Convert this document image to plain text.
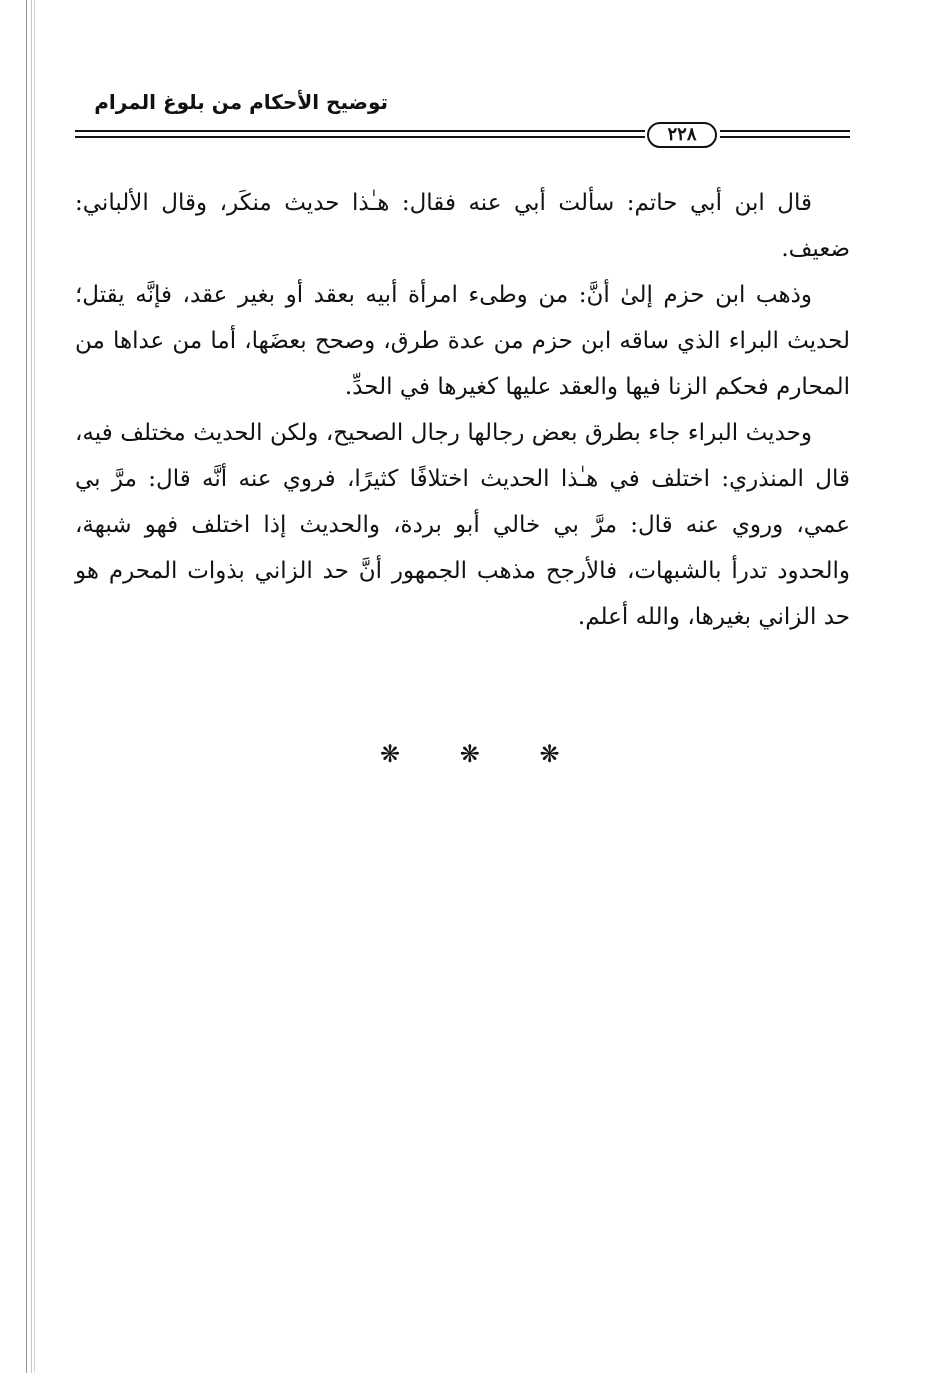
توضيح الأحكام من بلوغ المرام
٢٢٨

قال ابن أبي حاتم: سألت أبي عنه فقال: هـٰذا حديث منكَر، وقال الألباني: ضعيف.

وذهب ابن حزم إلىٰ أنَّ: من وطىء امرأة أبيه بعقد أو بغير عقد، فإنَّه يقتل؛ لحديث البراء الذي ساقه ابن حزم من عدة طرق، وصحح بعضَها، أما من عداها من المحارم فحكم الزنا فيها والعقد عليها كغيرها في الحدِّ.

وحديث البراء جاء بطرق بعض رجالها رجال الصحيح، ولكن الحديث مختلف فيه، قال المنذري: اختلف في هـٰذا الحديث اختلافًا كثيرًا، فروي عنه أنَّه قال: مرَّ بي عمي، وروي عنه قال: مرَّ بي خالي أبو بردة، والحديث إذا اختلف فهو شبهة، والحدود تدرأ بالشبهات، فالأرجح مذهب الجمهور أنَّ حد الزاني بذوات المحرم هو حد الزاني بغيرها، والله أعلم.

❋ ❋ ❋
